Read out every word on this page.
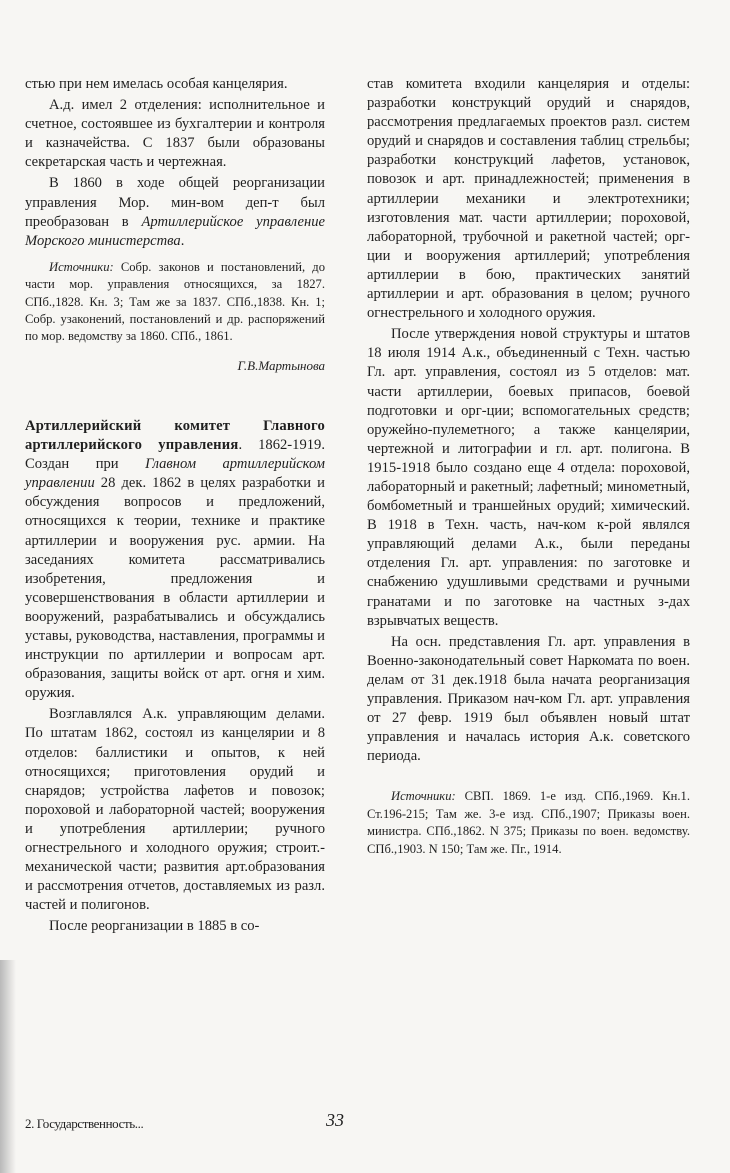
стью при нем имелась особая канцелярия.

А.д. имел 2 отделения: исполнительное и счетное, состоявшее из бухгалтерии и контроля и казначейства. С 1837 были образованы секретарская часть и чертежная.

В 1860 в ходе общей реорганизации управления Мор. мин-вом деп-т был преобразован в Артиллерийское управление Морского министерства.

Источники: Собр. законов и постановлений, до части мор. управления относящихся, за 1827. СПб.,1828. Кн. 3; Там же за 1837. СПб.,1838. Кн. 1; Собр. узаконений, постановлений и др. распоряжений по мор. ведомству за 1860. СПб., 1861.

Г.В.Мартынова

Артиллерийский комитет Главного артиллерийского управления. 1862-1919. Создан при Главном артиллерийском управлении 28 дек. 1862 в целях разработки и обсуждения вопросов и предложений, относящихся к теории, технике и практике артиллерии и вооружения рус. армии. На заседаниях комитета рассматривались изобретения, предложения и усовершенствования в области артиллерии и вооружений, разрабатывались и обсуждались уставы, руководства, наставления, программы и инструкции по артиллерии и вопросам арт. образования, защиты войск от арт. огня и хим. оружия.

Возглавлялся А.к. управляющим делами. По штатам 1862, состоял из канцелярии и 8 отделов: баллистики и опытов, к ней относящихся; приготовления орудий и снарядов; устройства лафетов и повозок; пороховой и лабораторной частей; вооружения и употребления артиллерии; ручного огнестрельного и холодного оружия; строит.-механической части; развития арт.образования и рассмотрения отчетов, доставляемых из разл. частей и полигонов.

После реорганизации в 1885 в со-

став комитета входили канцелярия и отделы: разработки конструкций орудий и снарядов, рассмотрения предлагаемых проектов разл. систем орудий и снарядов и составления таблиц стрельбы; разработки конструкций лафетов, установок, повозок и арт. принадлежностей; применения в артиллерии механики и электротехники; изготовления мат. части артиллерии; пороховой, лабораторной, трубочной и ракетной частей; орг-ции и вооружения артиллерий; употребления артиллерии в бою, практических занятий артиллерии и арт. образования в целом; ручного огнестрельного и холодного оружия.

После утверждения новой структуры и штатов 18 июля 1914 А.к., объединенный с Техн. частью Гл. арт. управления, состоял из 5 отделов: мат. части артиллерии, боевых припасов, боевой подготовки и орг-ции; вспомогательных средств; оружейно-пулеметного; а также канцелярии, чертежной и литографии и гл. арт. полигона. В 1915-1918 было создано еще 4 отдела: пороховой, лабораторный и ракетный; лафетный; минометный, бомбометный и траншейных орудий; химический. В 1918 в Техн. часть, нач-ком к-рой являлся управляющий делами А.к., были переданы отделения Гл. арт. управления: по заготовке и снабжению удушливыми средствами и ручными гранатами и по заготовке на частных з-дах взрывчатых веществ.

На осн. представления Гл. арт. управления в Военно-законодательный совет Наркомата по воен. делам от 31 дек.1918 была начата реорганизация управления. Приказом нач-ком Гл. арт. управления от 27 февр. 1919 был объявлен новый штат управления и началась история А.к. советского периода.

Источники: СВП. 1869. 1-е изд. СПб.,1969. Кн.1. Ст.196-215; Там же. 3-е изд. СПб.,1907; Приказы воен. министра. СПб.,1862. N 375; Приказы по воен. ведомству. СПб.,1903. N 150; Там же. Пг., 1914.

2. Государственность...	33
